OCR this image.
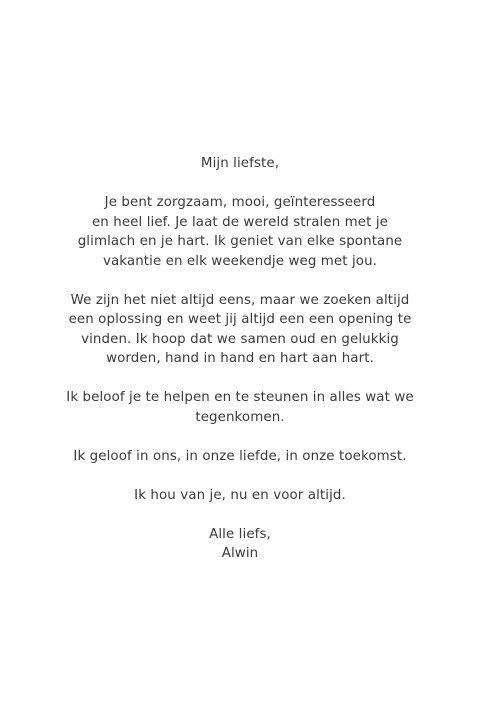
Mijn liefste,

Je bent zorgzaam, mooi, geïnteresseerd
en heel lief. Je laat de wereld stralen met je
glimlach en je hart. Ik geniet van elke spontane
vakantie en elk weekendje weg met jou.

We zijn het niet altijd eens, maar we zoeken altijd
een oplossing en weet jij altijd een een opening te
vinden. Ik hoop dat we samen oud en gelukkig
worden, hand in hand en hart aan hart.

Ik beloof je te helpen en te steunen in alles wat we
tegenkomen.

Ik geloof in ons, in onze liefde, in onze toekomst.

Ik hou van je, nu en voor altijd.

Alle liefs,
Alwin
